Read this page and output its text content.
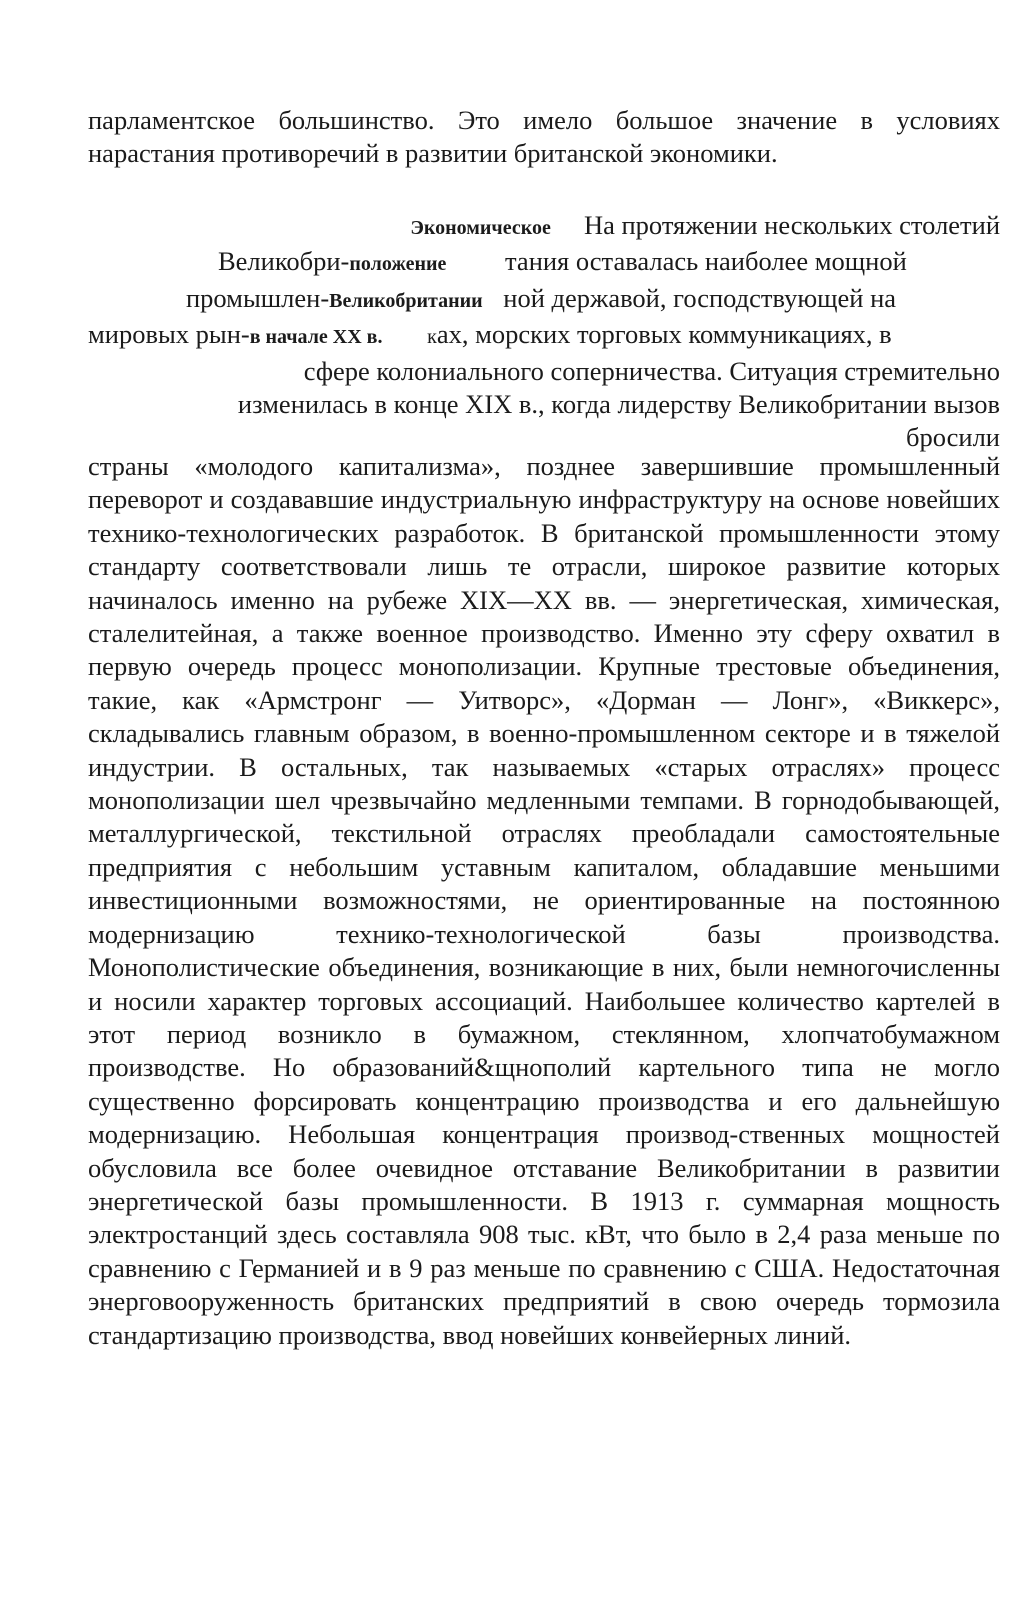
парламентское большинство. Это имело большое значение в условиях нарастания противоречий в развитии британской экономики.

Экономическое На протяжении нескольких столетий
Великобри-положение тания оставалась наиболее мощной
промышлен-Великобритании ной державой, господствующей на
мировых рын-в начале XX в. ках, морских торговых коммуникациях, в
сфере колониального соперничества. Ситуация стремительно
изменилась в конце XIX в., когда лидерству Великобритании вызов
бросили

страны «молодого капитализма», позднее завершившие промышленный переворот и создававшие индустриальную инфраструктуру на основе новейших технико-технологических разработок. В британской промышленности этому стандарту соответствовали лишь те отрасли, широкое развитие которых начиналось именно на рубеже XIX—XX вв. — энергетическая, химическая, сталелитейная, а также военное производство. Именно эту сферу охватил в первую очередь процесс монополизации. Крупные трестовые объединения, такие, как «Армстронг — Уитворс», «Дорман — Лонг», «Виккерс», складывались главным образом, в военно-промышленном секторе и в тяжелой индустрии. В остальных, так называемых «старых отраслях» процесс монополизации шел чрезвычайно медленными темпами. В горнодобывающей, металлургической, текстильной отраслях преобладали самостоятельные предприятия с небольшим уставным капиталом, обладавшие меньшими инвестиционными возможностями, не ориентированные на постоянною модернизацию технико-технологической базы производства. Монополистические объединения, возникающие в них, были немногочисленны и носили характер торговых ассоциаций. Наибольшее количество картелей в этот период возникло в бумажном, стеклянном, хлопчатобумажном производстве. Но образований&щнополий картельного типа не могло существенно форсировать концентрацию производства и его дальнейшую модернизацию. Небольшая концентрация производ-ственных мощностей обусловила все более очевидное отставание Великобритании в развитии энергетической базы промышленности. В 1913 г. суммарная мощность электростанций здесь составляла 908 тыс. кВт, что было в 2,4 раза меньше по сравнению с Германией и в 9 раз меньше по сравнению с США. Недостаточная энерговооруженность британских предприятий в свою очередь тормозила стандартизацию производства, ввод новейших конвейерных линий.
